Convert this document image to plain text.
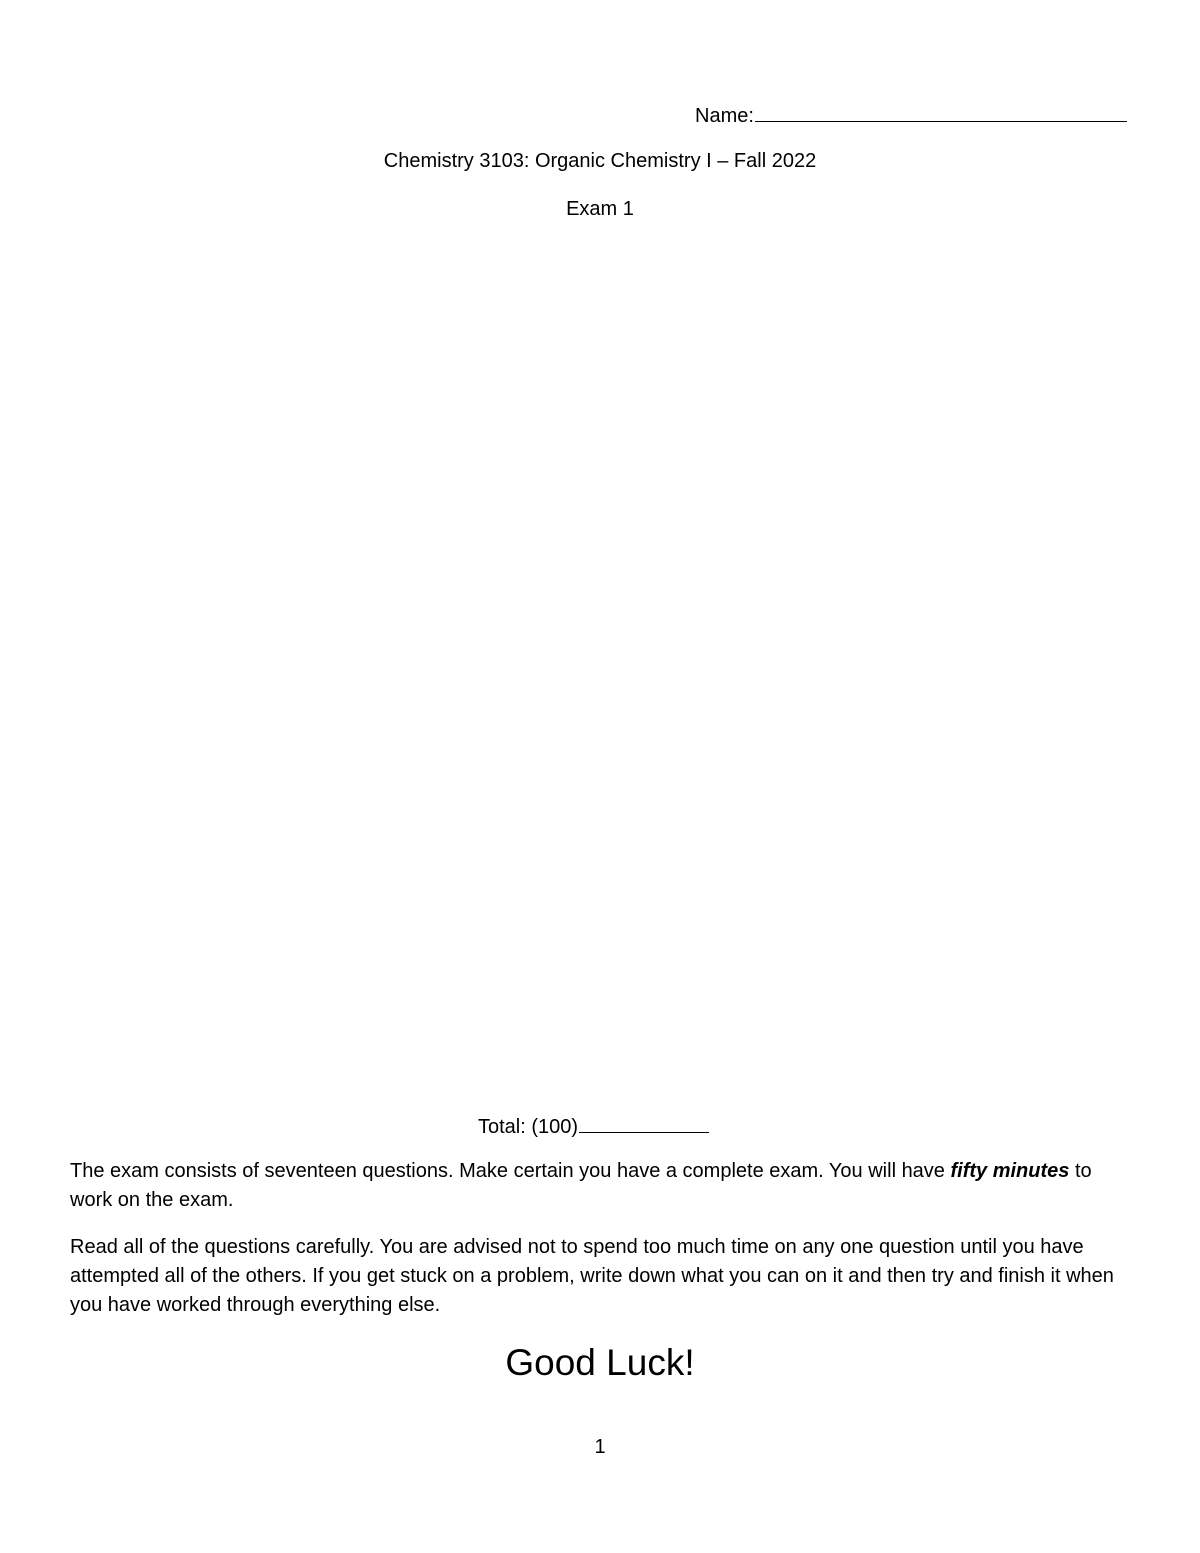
Name:
Chemistry 3103: Organic Chemistry I – Fall 2022
Exam 1
Total: (100)

The exam consists of seventeen questions. Make certain you have a complete exam. You will have fifty minutes to work on the exam.

Read all of the questions carefully. You are advised not to spend too much time on any one question until you have attempted all of the others. If you get stuck on a problem, write down what you can on it and then try and finish it when you have worked through everything else.

Good Luck!
1
